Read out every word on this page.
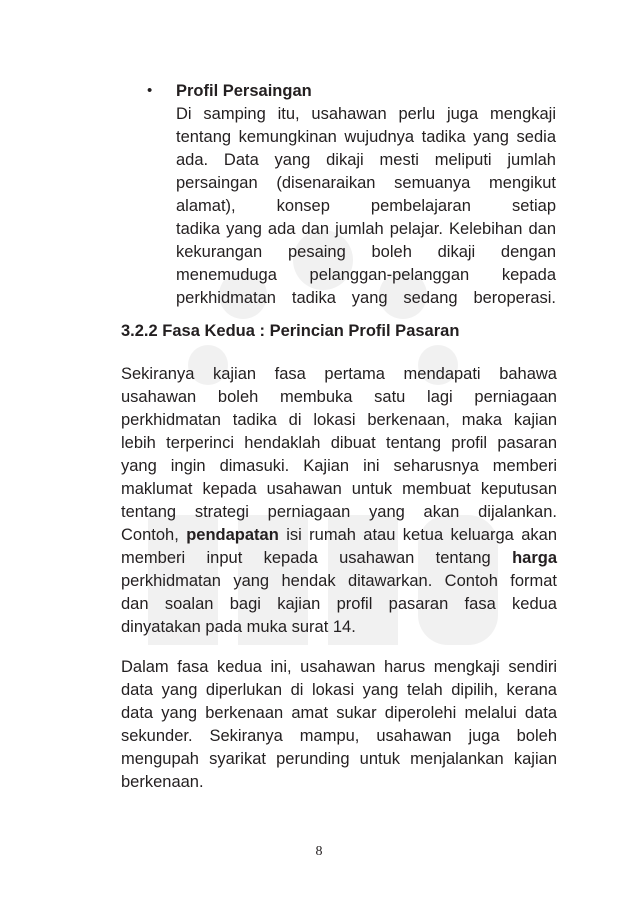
• Profil Persaingan
Di samping itu, usahawan perlu juga mengkaji
tentang kemungkinan wujudnya tadika yang sedia
ada. Data yang dikaji mesti meliputi jumlah
persaingan (disenaraikan semuanya mengikut
alamat), konsep pembelajaran setiap
tadika yang ada dan jumlah pelajar. Kelebihan dan
kekurangan pesaing boleh dikaji dengan
menemuduga pelanggan-pelanggan kepada
perkhidmatan tadika yang sedang beroperasi.
3.2.2 Fasa Kedua : Perincian Profil Pasaran
Sekiranya kajian fasa pertama mendapati bahawa
usahawan boleh membuka satu lagi perniagaan
perkhidmatan tadika di lokasi berkenaan, maka kajian
lebih terperinci hendaklah dibuat tentang profil pasaran
yang ingin dimasuki. Kajian ini seharusnya memberi
maklumat kepada usahawan untuk membuat keputusan
tentang strategi perniagaan yang akan dijalankan.
Contoh, pendapatan isi rumah atau ketua keluarga akan
memberi input kepada usahawan tentang harga
perkhidmatan yang hendak ditawarkan. Contoh format
dan soalan bagi kajian profil pasaran fasa kedua
dinyatakan pada muka surat 14.
Dalam fasa kedua ini, usahawan harus mengkaji sendiri
data yang diperlukan di lokasi yang telah dipilih, kerana
data yang berkenaan amat sukar diperolehi melalui data
sekunder. Sekiranya mampu, usahawan juga boleh
mengupah syarikat perunding untuk menjalankan kajian
berkenaan.
8
